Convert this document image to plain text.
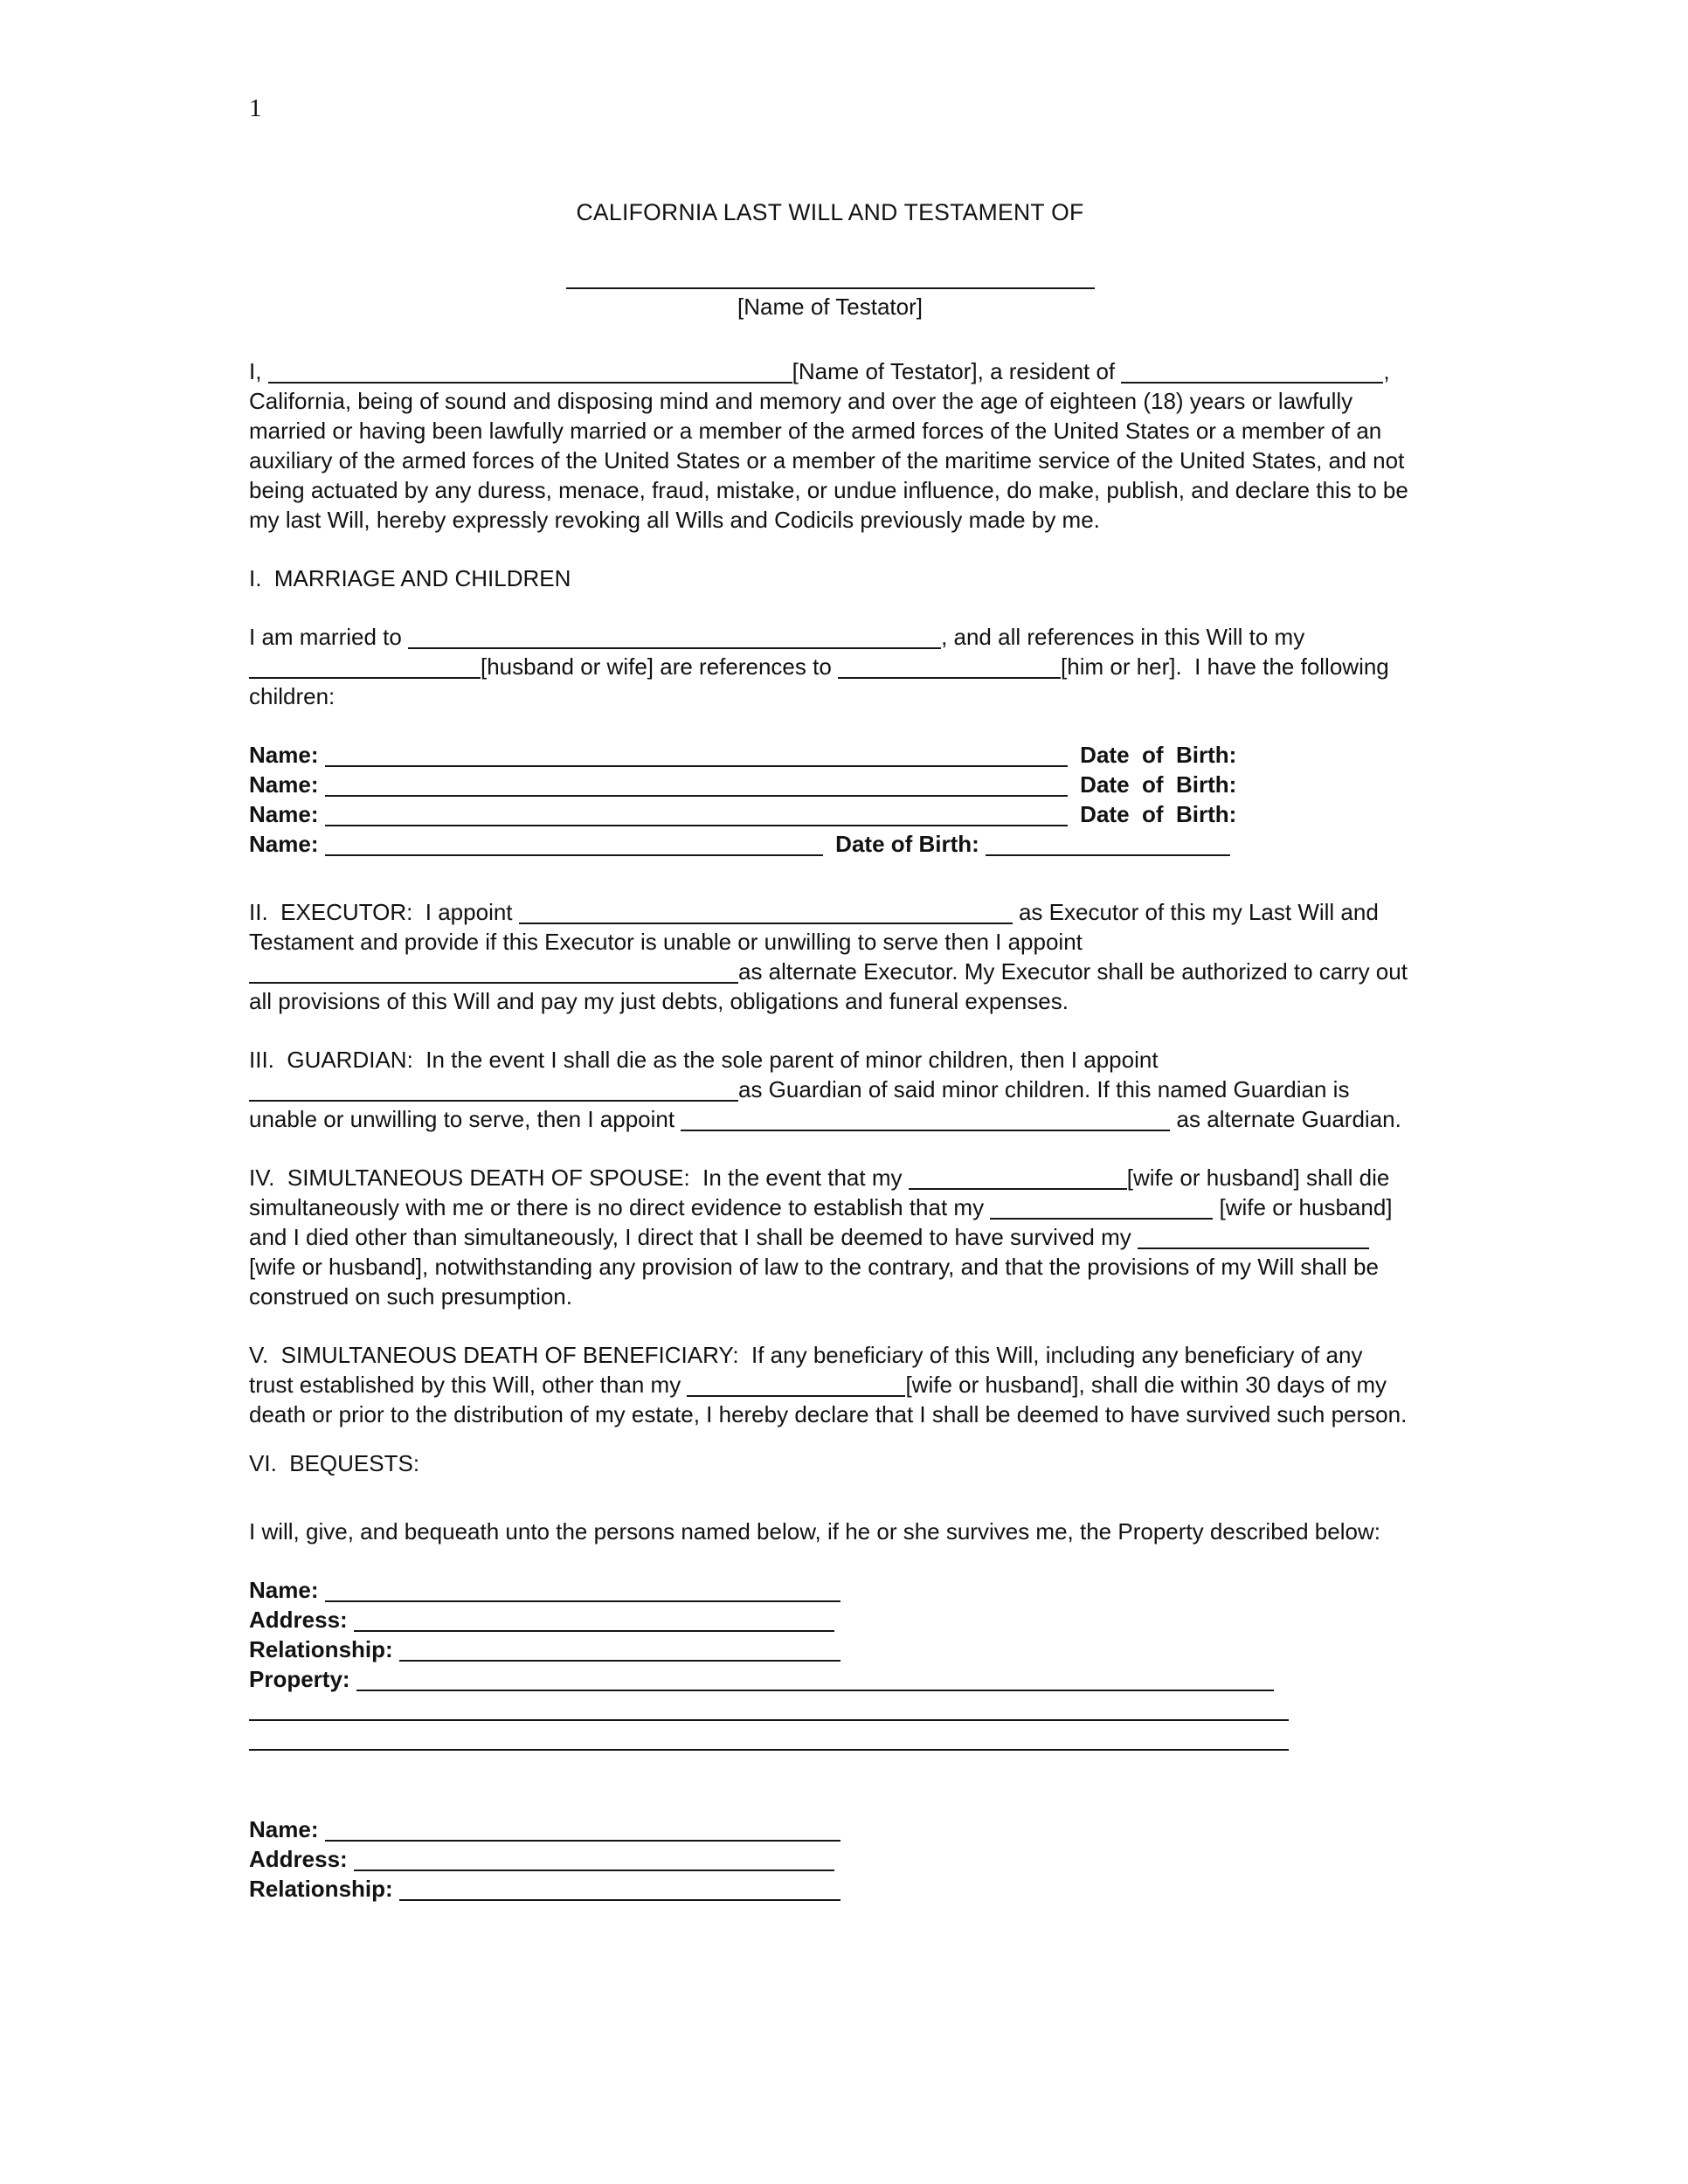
1
CALIFORNIA LAST WILL AND TESTAMENT OF
[Name of Testator]
I,	[Name of Testator], a resident of	, California, being of sound and disposing mind and memory and over the age of eighteen (18) years or lawfully married or having been lawfully married or a member of the armed forces of the United States or a member of an auxiliary of the armed forces of the United States or a member of the maritime service of the United States, and not being actuated by any duress, menace, fraud, mistake, or undue influence, do make, publish, and declare this to be my last Will, hereby expressly revoking all Wills and Codicils previously made by me.
I.  MARRIAGE AND CHILDREN
I am married to	, and all references in this Will to my [husband or wife] are references to	[him or her].  I have the following children:
Name:	Date  of  Birth:
Name:	Date  of  Birth:
Name:	Date  of  Birth:
Name:	Date of Birth:
II.  EXECUTOR:  I appoint	as Executor of this my Last Will and Testament and provide if this Executor is unable or unwilling to serve then I appoint as alternate Executor. My Executor shall be authorized to carry out all provisions of this Will and pay my just debts, obligations and funeral expenses.
III.  GUARDIAN:  In the event I shall die as the sole parent of minor children, then I appoint as Guardian of said minor children. If this named Guardian is unable or unwilling to serve, then I appoint	as alternate Guardian.
IV.  SIMULTANEOUS DEATH OF SPOUSE:  In the event that my	[wife or husband] shall die simultaneously with me or there is no direct evidence to establish that my	[wife or husband] and I died other than simultaneously, I direct that I shall be deemed to have survived my [wife or husband], notwithstanding any provision of law to the contrary, and that the provisions of my Will shall be construed on such presumption.
V.  SIMULTANEOUS DEATH OF BENEFICIARY:  If any beneficiary of this Will, including any beneficiary of any trust established by this Will, other than my	[wife or husband], shall die within 30 days of my death or prior to the distribution of my estate, I hereby declare that I shall be deemed to have survived such person.
VI.  BEQUESTS:
I will, give, and bequeath unto the persons named below, if he or she survives me, the Property described below:
Name:
Address:
Relationship:
Property:
Name:
Address:
Relationship:
